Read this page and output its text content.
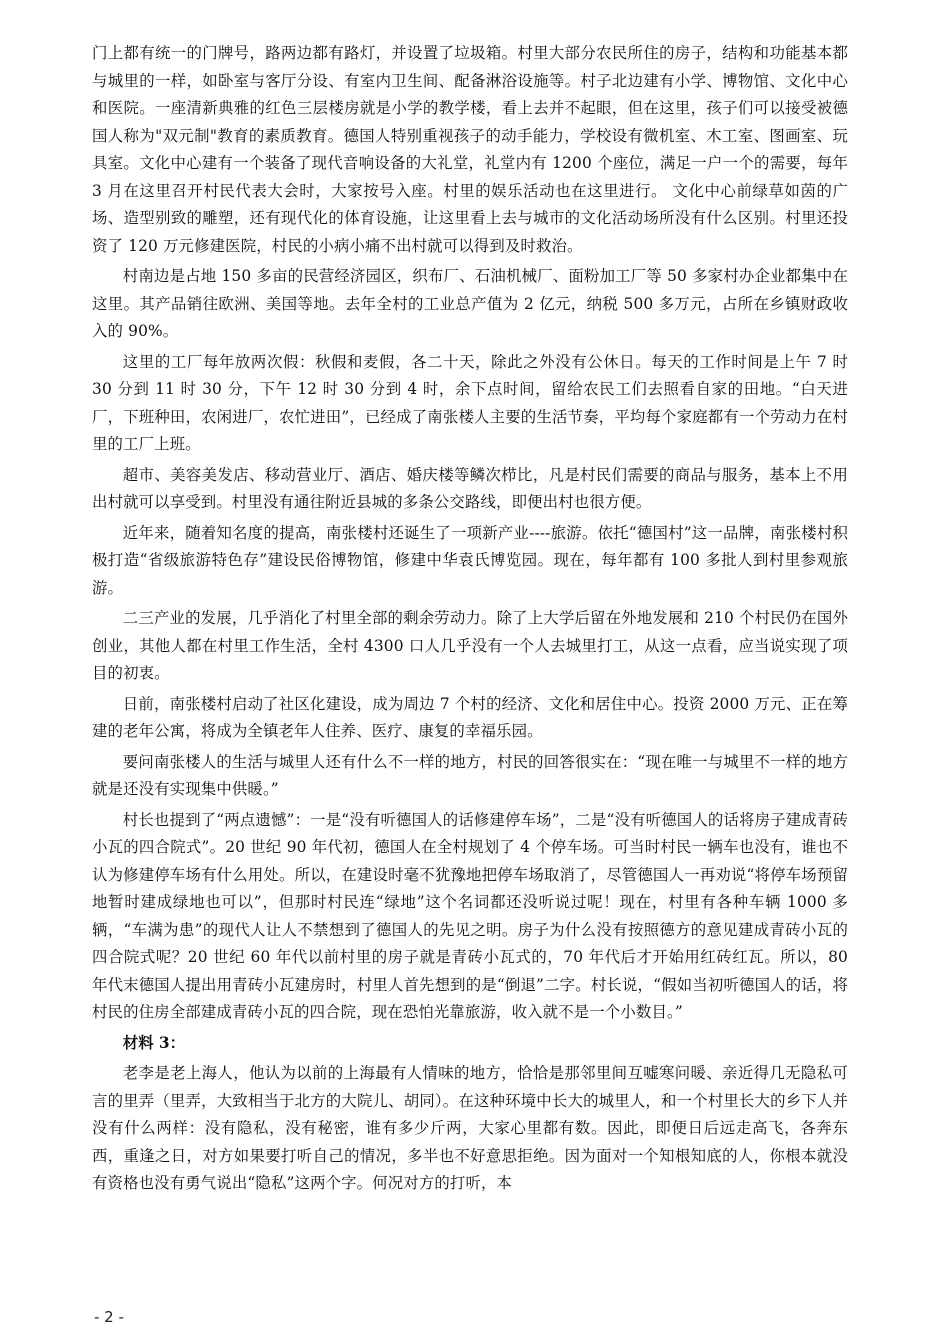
门上都有统一的门牌号，路两边都有路灯，并设置了垃圾箱。村里大部分农民所住的房子，结构和功能基本都与城里的一样，如卧室与客厅分设、有室内卫生间、配备淋浴设施等。村子北边建有小学、博物馆、文化中心和医院。一座清新典雅的红色三层楼房就是小学的教学楼，看上去并不起眼，但在这里，孩子们可以接受被德国人称为"双元制"教育的素质教育。德国人特别重视孩子的动手能力，学校设有微机室、木工室、图画室、玩具室。文化中心建有一个装备了现代音响设备的大礼堂，礼堂内有 1200 个座位，满足一户一个的需要，每年 3 月在这里召开村民代表大会时，大家按号入座。村里的娱乐活动也在这里进行。 文化中心前绿草如茵的广场、造型别致的雕塑，还有现代化的体育设施，让这里看上去与城市的文化活动场所没有什么区别。村里还投资了 120 万元修建医院，村民的小病小痛不出村就可以得到及时救治。

村南边是占地 150 多亩的民营经济园区，织布厂、石油机械厂、面粉加工厂等 50 多家村办企业都集中在这里。其产品销往欧洲、美国等地。去年全村的工业总产值为 2 亿元，纳税 500 多万元，占所在乡镇财政收入的 90%。

这里的工厂每年放两次假：秋假和麦假，各二十天，除此之外没有公休日。每天的工作时间是上午 7 时 30 分到 11 时 30 分，下午 12 时 30 分到 4 时，余下点时间，留给农民工们去照看自家的田地。“白天进厂，下班种田，农闲进厂，农忙进田”，已经成了南张楼人主要的生活节奏，平均每个家庭都有一个劳动力在村里的工厂上班。

超市、美容美发店、移动营业厅、酒店、婚庆楼等鳞次栉比，凡是村民们需要的商品与服务，基本上不用出村就可以享受到。村里没有通往附近县城的多条公交路线，即便出村也很方便。

近年来，随着知名度的提高，南张楼村还诞生了一项新产业----旅游。依托“德国村”这一品牌，南张楼村积极打造“省级旅游特色存”建设民俗博物馆，修建中华袁氏博览园。现在，每年都有 100 多批人到村里参观旅游。

二三产业的发展，几乎消化了村里全部的剩余劳动力。除了上大学后留在外地发展和 210 个村民仍在国外创业，其他人都在村里工作生活，全村 4300 口人几乎没有一个人去城里打工，从这一点看，应当说实现了项目的初衷。

日前，南张楼村启动了社区化建设，成为周边 7 个村的经济、文化和居住中心。投资 2000 万元、正在筹建的老年公寓，将成为全镇老年人住养、医疗、康复的幸福乐园。

要问南张楼人的生活与城里人还有什么不一样的地方，村民的回答很实在：“现在唯一与城里不一样的地方就是还没有实现集中供暖。”

村长也提到了“两点遗憾”：一是“没有听德国人的话修建停车场”，二是“没有听德国人的话将房子建成青砖小瓦的四合院式”。20 世纪 90 年代初，德国人在全村规划了 4 个停车场。可当时村民一辆车也没有，谁也不认为修建停车场有什么用处。所以，在建设时毫不犹豫地把停车场取消了，尽管德国人一再劝说“将停车场预留地暂时建成绿地也可以”，但那时村民连“绿地”这个名词都还没听说过呢！现在，村里有各种车辆 1000 多辆，“车满为患”的现代人让人不禁想到了德国人的先见之明。房子为什么没有按照德方的意见建成青砖小瓦的四合院式呢？20 世纪 60 年代以前村里的房子就是青砖小瓦式的，70 年代后才开始用红砖红瓦。所以，80 年代末德国人提出用青砖小瓦建房时，村里人首先想到的是“倒退”二字。村长说，“假如当初听德国人的话，将村民的住房全部建成青砖小瓦的四合院，现在恐怕光靠旅游，收入就不是一个小数目。”

材料 3：

老李是老上海人，他认为以前的上海最有人情味的地方，恰恰是那邻里间互嘘寒问暖、亲近得几无隐私可言的里弄（里弄，大致相当于北方的大院儿、胡同）。在这种环境中长大的城里人，和一个村里长大的乡下人并没有什么两样：没有隐私，没有秘密，谁有多少斤两，大家心里都有数。因此，即便日后远走高飞，各奔东西，重逢之日，对方如果要打听自己的情况，多半也不好意思拒绝。因为面对一个知根知底的人，你根本就没有资格也没有勇气说出“隐私”这两个字。何况对方的打听，本

- 2 -
